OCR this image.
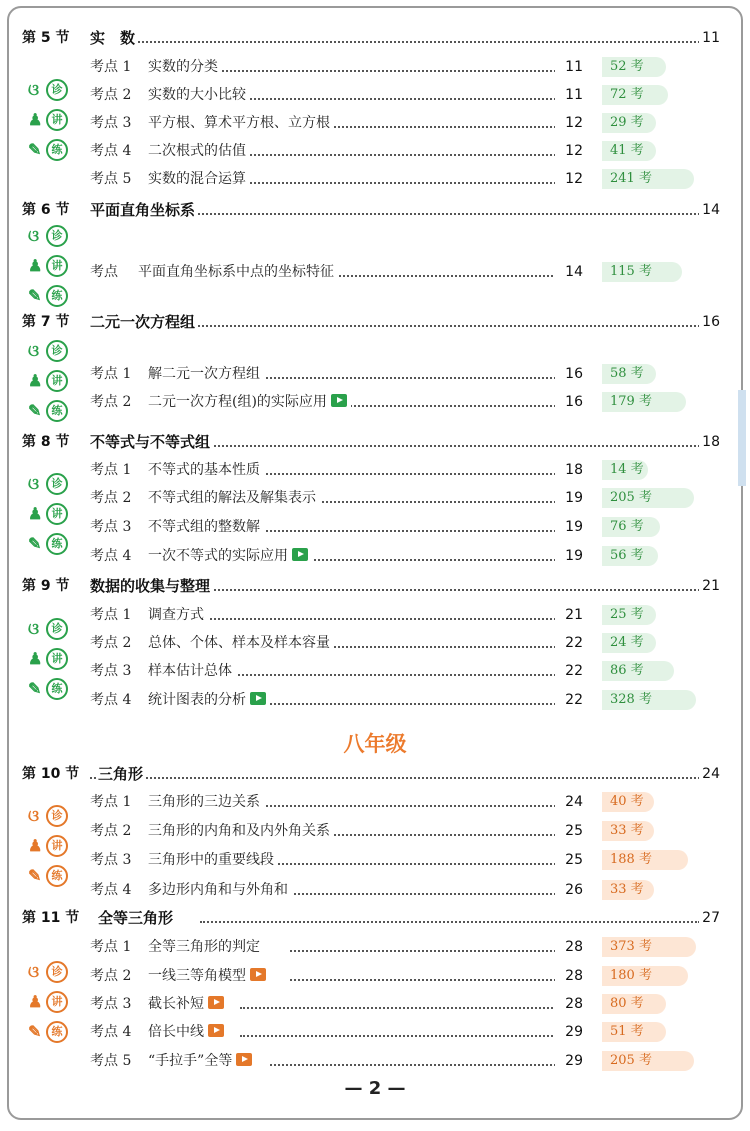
第 5 节 实　数	11
考点 1 实数的分类	11	52 考
考点 2 实数的大小比较	11	72 考
考点 3 平方根、算术平方根、立方根	12	29 考
考点 4 二次根式的估值	12	41 考
考点 5 实数的混合运算	12	241 考
ଓ	诊
♟ 讲
✎ 练
第 6 节 平面直角坐标系	14
考点 平面直角坐标系中点的坐标特征	14	115 考
ଓ	诊
♟ 讲
✎ 练
第 7 节 二元一次方程组	16
考点 1 解二元一次方程组	16	58 考
考点 2 二元一次方程(组)的实际应用	16	179 考
ଓ	诊
♟ 讲
✎ 练
第 8 节 不等式与不等式组	18
考点 1 不等式的基本性质	18	14 考
考点 2 不等式组的解法及解集表示	19	205 考
考点 3 不等式组的整数解	19	76 考
考点 4 一次不等式的实际应用	19	56 考
ଓ	诊
♟ 讲
✎ 练
第 9 节 数据的收集与整理	21
考点 1 调查方式	21	25 考
考点 2 总体、个体、样本及样本容量	22	24 考
考点 3 样本估计总体	22	86 考
考点 4 统计图表的分析	22	328 考
ଓ	诊
♟ 讲
✎ 练
八年级
第 10 节 三角形	24
考点 1 三角形的三边关系	24	40 考
考点 2 三角形的内角和及内外角关系	25	33 考
考点 3 三角形中的重要线段	25	188 考
考点 4 多边形内角和与外角和	26	33 考
ଓ	诊
♟ 讲
✎ 练
第 11 节 全等三角形	27
考点 1 全等三角形的判定	28	373 考
考点 2 一线三等角模型	28	180 考
考点 3 截长补短	28	80 考
考点 4 倍长中线	29	51 考
考点 5 “手拉手”全等	29	205 考
ଓ	诊
♟ 讲
✎ 练
— 2 —
